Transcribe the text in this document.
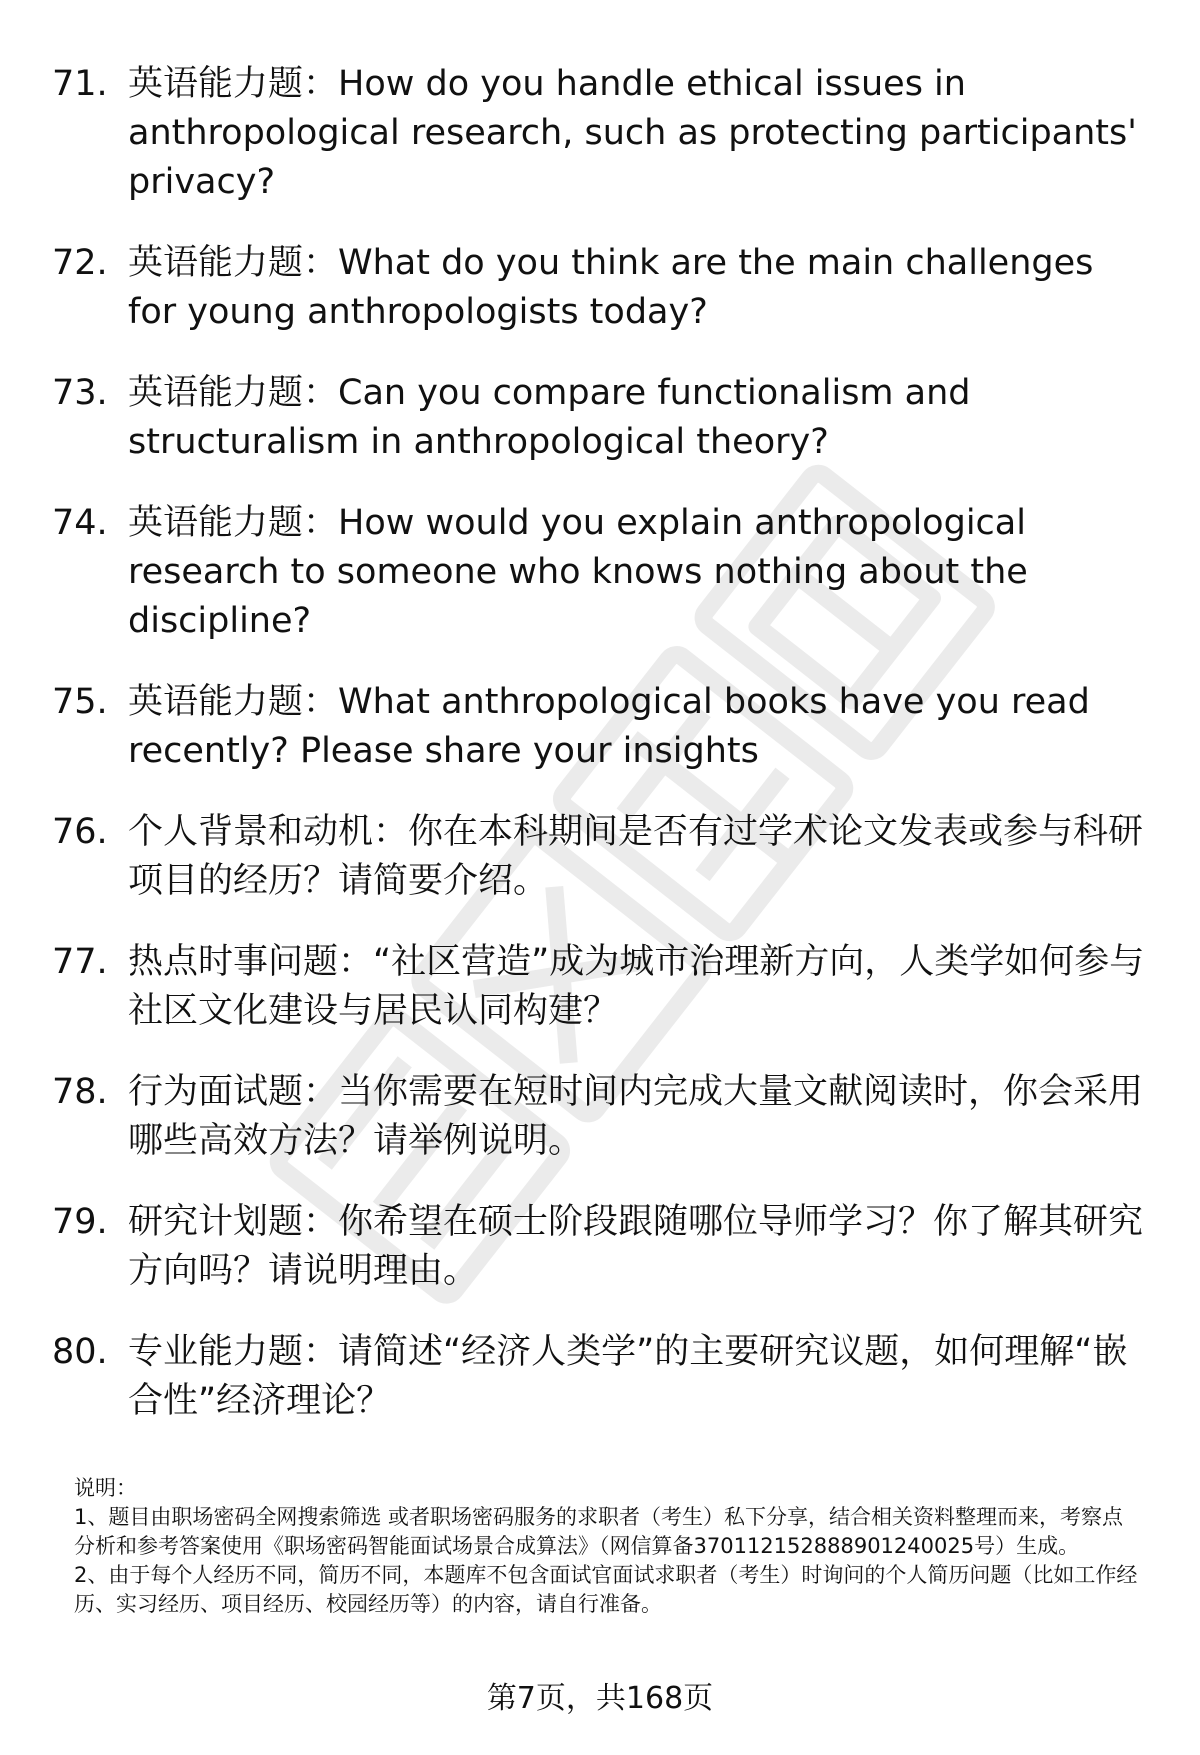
71. 英语能力题：How do you handle ethical issues in anthropological research, such as protecting participants' privacy?
72. 英语能力题：What do you think are the main challenges for young anthropologists today?
73. 英语能力题：Can you compare functionalism and structuralism in anthropological theory?
74. 英语能力题：How would you explain anthropological research to someone who knows nothing about the discipline?
75. 英语能力题：What anthropological books have you read recently? Please share your insights
76. 个人背景和动机：你在本科期间是否有过学术论文发表或参与科研项目的经历？请简要介绍。
77. 热点时事问题：“社区营造”成为城市治理新方向，人类学如何参与社区文化建设与居民认同构建？
78. 行为面试题：当你需要在短时间内完成大量文献阅读时，你会采用哪些高效方法？请举例说明。
79. 研究计划题：你希望在硕士阶段跟随哪位导师学习？你了解其研究方向吗？请说明理由。
80. 专业能力题：请简述“经济人类学”的主要研究议题，如何理解“嵌合性”经济理论？

说明：

1、题目由职场密码全网搜索筛选 或者职场密码服务的求职者（考生）私下分享，结合相关资料整理而来，考察点分析和参考答案使用《职场密码智能面试场景合成算法》（网信算备370112152888901240025号）生成。

2、由于每个人经历不同，简历不同，本题库不包含面试官面试求职者（考生）时询问的个人简历问题（比如工作经历、实习经历、项目经历、校园经历等）的内容，请自行准备。

第7页，共168页
